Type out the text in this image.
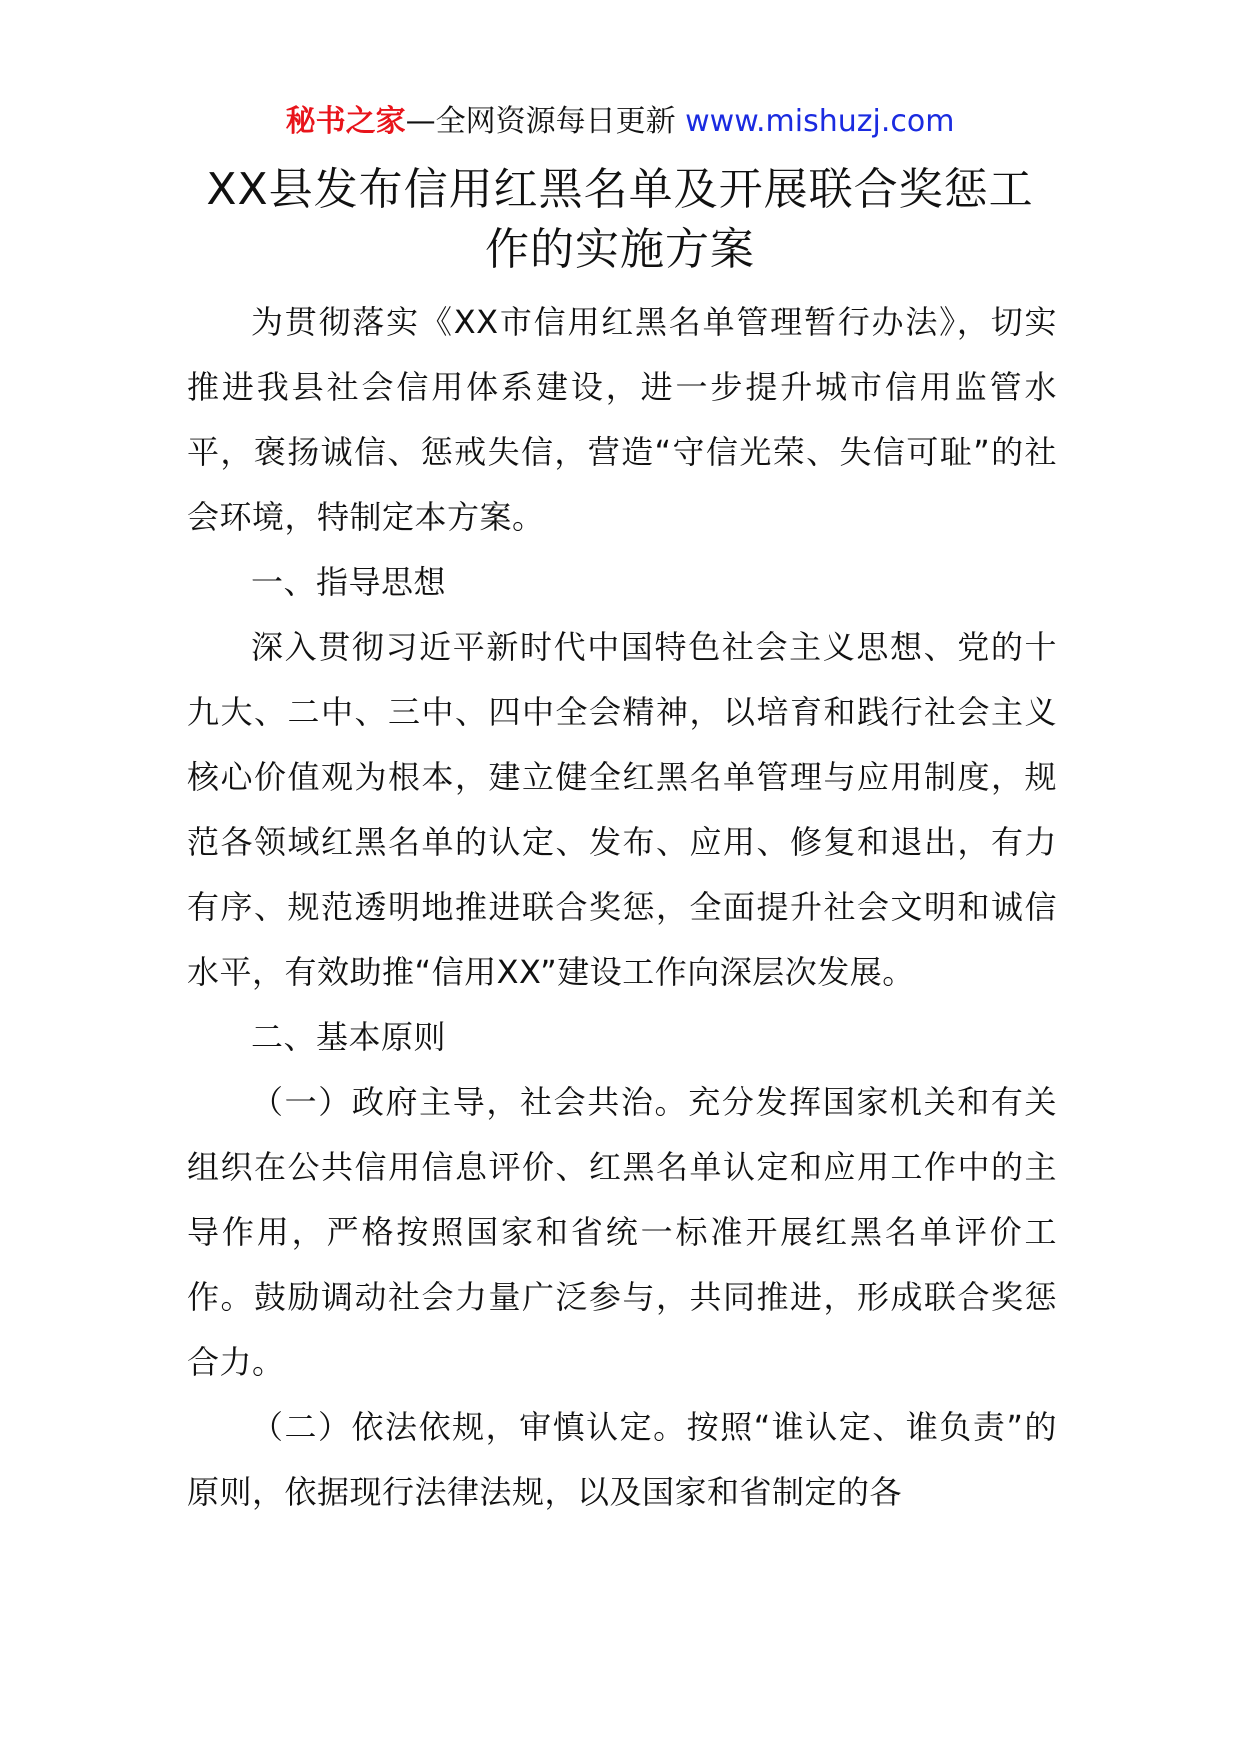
秘书之家—全网资源每日更新 www.mishuzj.com
XX县发布信用红黑名单及开展联合奖惩工
作的实施方案

为贯彻落实《XX市信用红黑名单管理暂行办法》，切实推进我县社会信用体系建设，进一步提升城市信用监管水平，褒扬诚信、惩戒失信，营造“守信光荣、失信可耻”的社会环境，特制定本方案。

一、指导思想

深入贯彻习近平新时代中国特色社会主义思想、党的十九大、二中、三中、四中全会精神，以培育和践行社会主义核心价值观为根本，建立健全红黑名单管理与应用制度，规范各领域红黑名单的认定、发布、应用、修复和退出，有力有序、规范透明地推进联合奖惩，全面提升社会文明和诚信水平，有效助推“信用XX”建设工作向深层次发展。

二、基本原则

（一）政府主导，社会共治。充分发挥国家机关和有关组织在公共信用信息评价、红黑名单认定和应用工作中的主导作用，严格按照国家和省统一标准开展红黑名单评价工作。鼓励调动社会力量广泛参与，共同推进，形成联合奖惩合力。

（二）依法依规，审慎认定。按照“谁认定、谁负责”的原则，依据现行法律法规，以及国家和省制定的各
